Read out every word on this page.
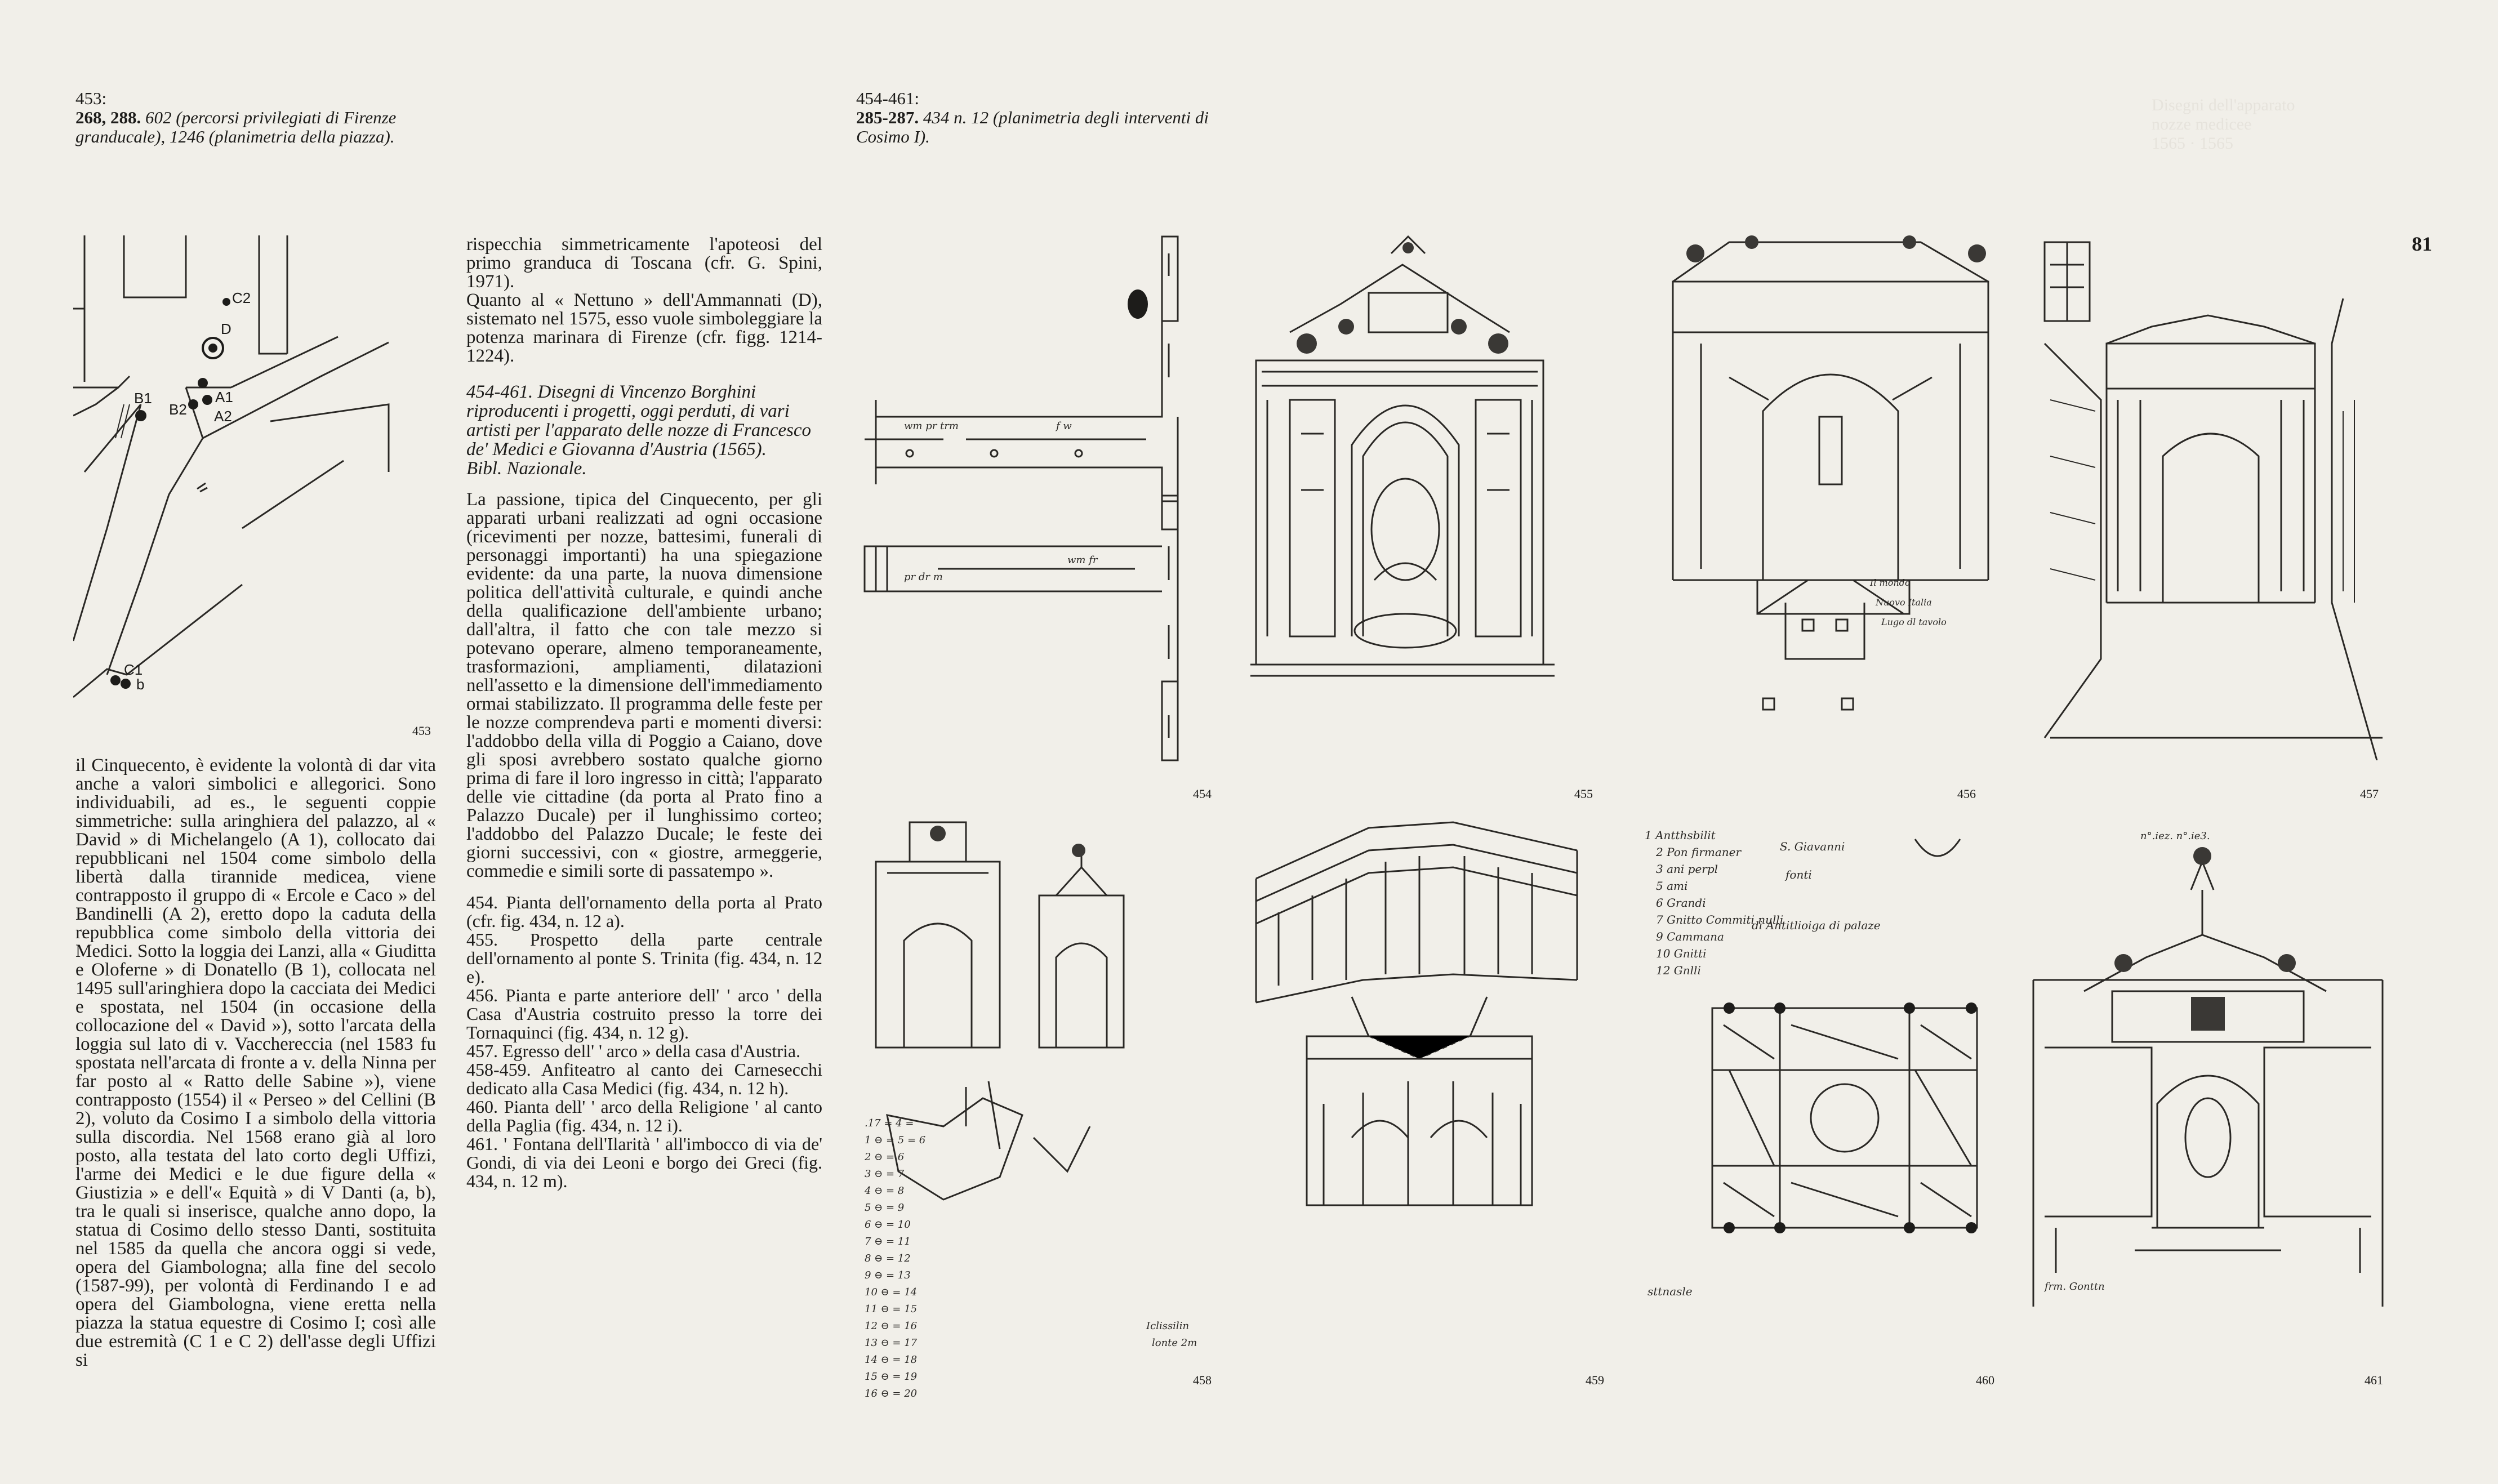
Disegni dell'apparato
nozze medicee
1565 · 1565
81
453:
268, 288. 602 (percorsi privilegiati di Firenze granducale), 1246 (planimetria della piazza).
454-461:
285-287. 434 n. 12 (planimetria degli interventi di Cosimo I).
C2
D
B1
B2
A1
A2
C1
b
453
il Cinquecento, è evidente la volontà di dar vita anche a valori simbolici e allegorici. Sono individuabili, ad es., le seguenti coppie simmetriche: sulla aringhiera del palazzo, al « David » di Michelangelo (A 1), collocato dai repubblicani nel 1504 come simbolo della libertà dalla tirannide medicea, viene contrapposto il gruppo di « Ercole e Caco » del Bandinelli (A 2), eretto dopo la caduta della repubblica come simbolo della vittoria dei Medici. Sotto la loggia dei Lanzi, alla « Giuditta e Oloferne » di Donatello (B 1), collocata nel 1495 sull'aringhiera dopo la cacciata dei Medici e spostata, nel 1504 (in occasione della collocazione del « David »), sotto l'arcata della loggia sul lato di v. Vacchereccia (nel 1583 fu spostata nell'arcata di fronte a v. della Ninna per far posto al « Ratto delle Sabine »), viene contrapposto (1554) il « Perseo » del Cellini (B 2), voluto da Cosimo I a simbolo della vittoria sulla discordia. Nel 1568 erano già al loro posto, alla testata del lato corto degli Uffizi, l'arme dei Medici e le due figure della « Giustizia » e dell'« Equità » di V Danti (a, b), tra le quali si inserisce, qualche anno dopo, la statua di Cosimo dello stesso Danti, sostituita nel 1585 da quella che ancora oggi si vede, opera del Giambologna; alla fine del secolo (1587-99), per volontà di Ferdinando I e ad opera del Giambologna, viene eretta nella piazza la statua equestre di Cosimo I; così alle due estremità (C 1 e C 2) dell'asse degli Uffizi si

rispecchia simmetricamente l'apoteosi del primo granduca di Toscana (cfr. G. Spini, 1971).

Quanto al « Nettuno » dell'Ammannati (D), sistemato nel 1575, esso vuole simboleggiare la potenza marinara di Firenze (cfr. figg. 1214-1224).

454-461. Disegni di Vincenzo Borghini riproducenti i progetti, oggi perduti, di vari artisti per l'apparato delle nozze di Francesco de' Medici e Giovanna d'Austria (1565).
Bibl. Nazionale.

La passione, tipica del Cinquecento, per gli apparati urbani realizzati ad ogni occasione (ricevimenti per nozze, battesimi, funerali di personaggi importanti) ha una spiegazione evidente: da una parte, la nuova dimensione politica dell'attività culturale, e quindi anche della qualificazione dell'ambiente urbano; dall'altra, il fatto che con tale mezzo si potevano operare, almeno temporaneamente, trasformazioni, ampliamenti, dilatazioni nell'assetto e la dimensione dell'immediamento ormai stabilizzato. Il programma delle feste per le nozze comprendeva parti e momenti diversi: l'addobbo della villa di Poggio a Caiano, dove gli sposi avrebbero sostato qualche giorno prima di fare il loro ingresso in città; l'apparato delle vie cittadine (da porta al Prato fino a Palazzo Ducale) per il lunghissimo corteo; l'addobbo del Palazzo Ducale; le feste dei giorni successivi, con « giostre, armeggerie, commedie e simili sorte di passatempo ».

454. Pianta dell'ornamento della porta al Prato (cfr. fig. 434, n. 12 a).

455. Prospetto della parte centrale dell'ornamento al ponte S. Trinita (fig. 434, n. 12 e).

456. Pianta e parte anteriore dell' ' arco ' della Casa d'Austria costruito presso la torre dei Tornaquinci (fig. 434, n. 12 g).

457. Egresso dell' ' arco » della casa d'Austria.

458-459. Anfiteatro al canto dei Carnesecchi dedicato alla Casa Medici (fig. 434, n. 12 h).

460. Pianta dell' ' arco della Religione ' al canto della Paglia (fig. 434, n. 12 i).

461. ' Fontana dell'Ilarità ' all'imbocco di via de' Gondi, di via dei Leoni e borgo dei Greci (fig. 434, n. 12 m).

wm pr trm	f w
pr dr m
wm fr
454	455
Il mondo
Nuovo Italia
Lugo dl tavolo
456	457
.17 = 4 =
1 ⊖ = 5 = 6
2 ⊖ = 6
3 ⊖ = 7
4 ⊖ = 8
5 ⊖ = 9
6 ⊖ = 10
7 ⊖ = 11
8 ⊖ = 12
9 ⊖ = 13
10 ⊖ = 14
11 ⊖ = 15
12 ⊖ = 16
13 ⊖ = 17
14 ⊖ = 18
15 ⊖ = 19
16 ⊖ = 20
Iclissilin
lonte 2m
458	459
1 Antthsbilit
2 Pon firmaner
3 ani perpl
5 ami
6 Grandi
7 Gnitto Commiti nulli
9 Cammana
10 Gnitti
12 Gnlli
S. Giavanni
fonti
di Antitlioiga di palaze
sttnasle
460
n°.iez. n°.ie3.
frm. Gonttn
461
